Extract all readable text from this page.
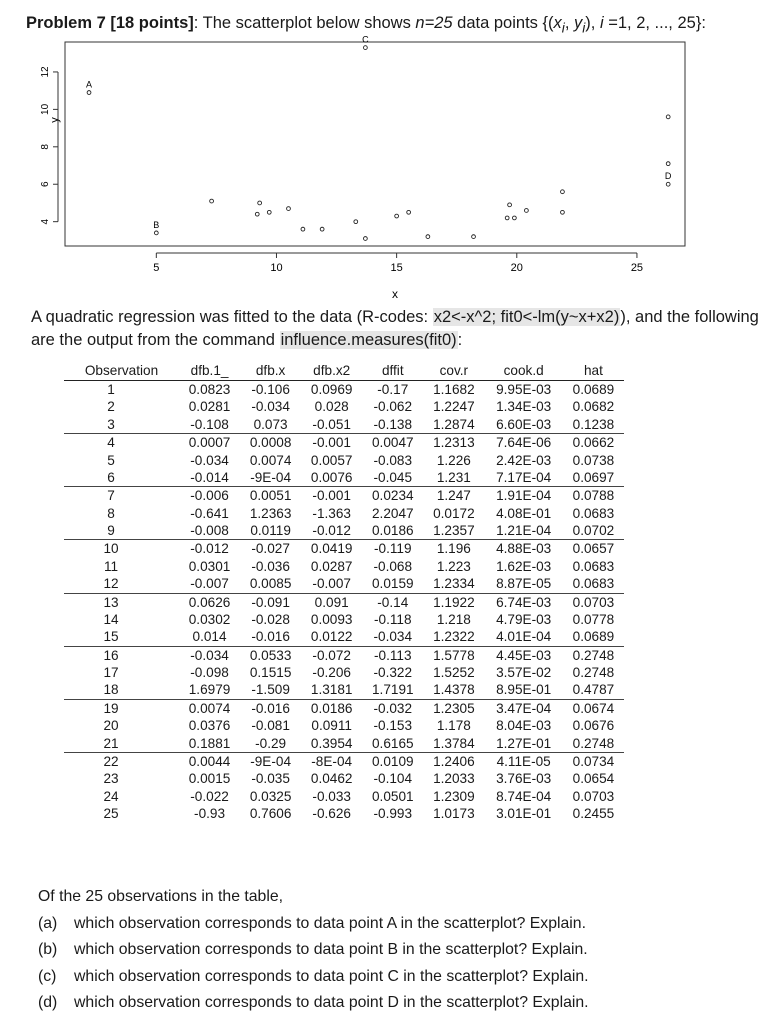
Problem 7 [18 points]: The scatterplot below shows n=25 data points {($x_i$, $y_i$), i =1, 2, ..., 25}:
5	10	15	20	25
4
6
8
10
12
A
B
C
D
x
y
A quadratic regression was fitted to the data (R-codes: x2<-x^2; fit0<-lm(y~x+x2)), and the following are the output from the command influence.measures(fit0):
Observation	dfb.1_	dfb.x	dfb.x2	dffit	cov.r	cook.d	hat
1	0.0823	-0.106	0.0969	-0.17	1.1682	9.95E-03	0.0689
2	0.0281	-0.034	0.028	-0.062	1.2247	1.34E-03	0.0682
3	-0.108	0.073	-0.051	-0.138	1.2874	6.60E-03	0.1238
4	0.0007	0.0008	-0.001	0.0047	1.2313	7.64E-06	0.0662
5	-0.034	0.0074	0.0057	-0.083	1.226	2.42E-03	0.0738
6	-0.014	-9E-04	0.0076	-0.045	1.231	7.17E-04	0.0697
7	-0.006	0.0051	-0.001	0.0234	1.247	1.91E-04	0.0788
8	-0.641	1.2363	-1.363	2.2047	0.0172	4.08E-01	0.0683
9	-0.008	0.0119	-0.012	0.0186	1.2357	1.21E-04	0.0702
10	-0.012	-0.027	0.0419	-0.119	1.196	4.88E-03	0.0657
11	0.0301	-0.036	0.0287	-0.068	1.223	1.62E-03	0.0683
12	-0.007	0.0085	-0.007	0.0159	1.2334	8.87E-05	0.0683
13	0.0626	-0.091	0.091	-0.14	1.1922	6.74E-03	0.0703
14	0.0302	-0.028	0.0093	-0.118	1.218	4.79E-03	0.0778
15	0.014	-0.016	0.0122	-0.034	1.2322	4.01E-04	0.0689
16	-0.034	0.0533	-0.072	-0.113	1.5778	4.45E-03	0.2748
17	-0.098	0.1515	-0.206	-0.322	1.5252	3.57E-02	0.2748
18	1.6979	-1.509	1.3181	1.7191	1.4378	8.95E-01	0.4787
19	0.0074	-0.016	0.0186	-0.032	1.2305	3.47E-04	0.0674
20	0.0376	-0.081	0.0911	-0.153	1.178	8.04E-03	0.0676
21	0.1881	-0.29	0.3954	0.6165	1.3784	1.27E-01	0.2748
22	0.0044	-9E-04	-8E-04	0.0109	1.2406	4.11E-05	0.0734
23	0.0015	-0.035	0.0462	-0.104	1.2033	3.76E-03	0.0654
24	-0.022	0.0325	-0.033	0.0501	1.2309	8.74E-04	0.0703
25	-0.93	0.7606	-0.626	-0.993	1.0173	3.01E-01	0.2455
Of the 25 observations in the table,
(a) which observation corresponds to data point A in the scatterplot? Explain.
(b) which observation corresponds to data point B in the scatterplot? Explain.
(c) which observation corresponds to data point C in the scatterplot? Explain.
(d) which observation corresponds to data point D in the scatterplot? Explain.
